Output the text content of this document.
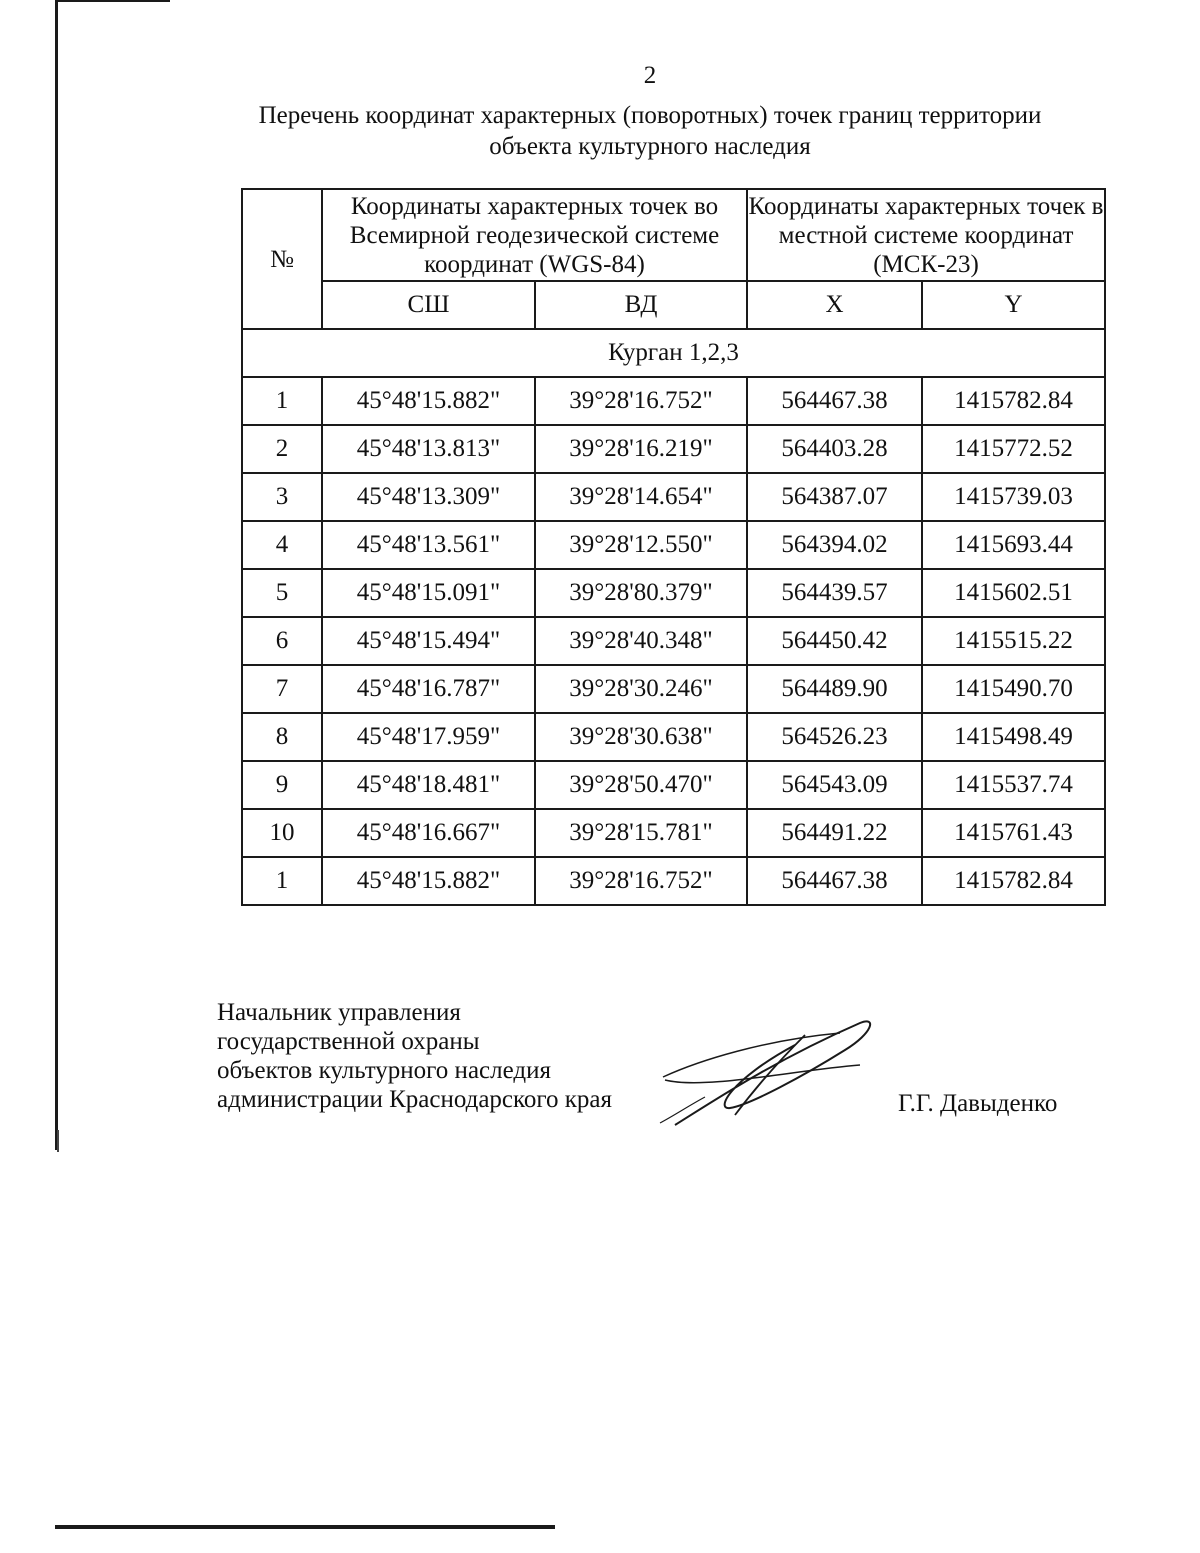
2
Перечень координат характерных (поворотных) точек границ территории
объекта культурного наследия
№	Координаты характерных точек во Всемирной геодезической системе координат (WGS-84)		Координаты характерных точек в местной системе координат (МСК-23)	
	СШ	ВД	X	Y
Курган 1,2,3				
1	45°48'15.882"	39°28'16.752"	564467.38	1415782.84
2	45°48'13.813"	39°28'16.219"	564403.28	1415772.52
3	45°48'13.309"	39°28'14.654"	564387.07	1415739.03
4	45°48'13.561"	39°28'12.550"	564394.02	1415693.44
5	45°48'15.091"	39°28'80.379"	564439.57	1415602.51
6	45°48'15.494"	39°28'40.348"	564450.42	1415515.22
7	45°48'16.787"	39°28'30.246"	564489.90	1415490.70
8	45°48'17.959"	39°28'30.638"	564526.23	1415498.49
9	45°48'18.481"	39°28'50.470"	564543.09	1415537.74
10	45°48'16.667"	39°28'15.781"	564491.22	1415761.43
1	45°48'15.882"	39°28'16.752"	564467.38	1415782.84
Начальник управления
государственной охраны
объектов культурного наследия
администрации Краснодарского края	Г.Г. Давыденко
